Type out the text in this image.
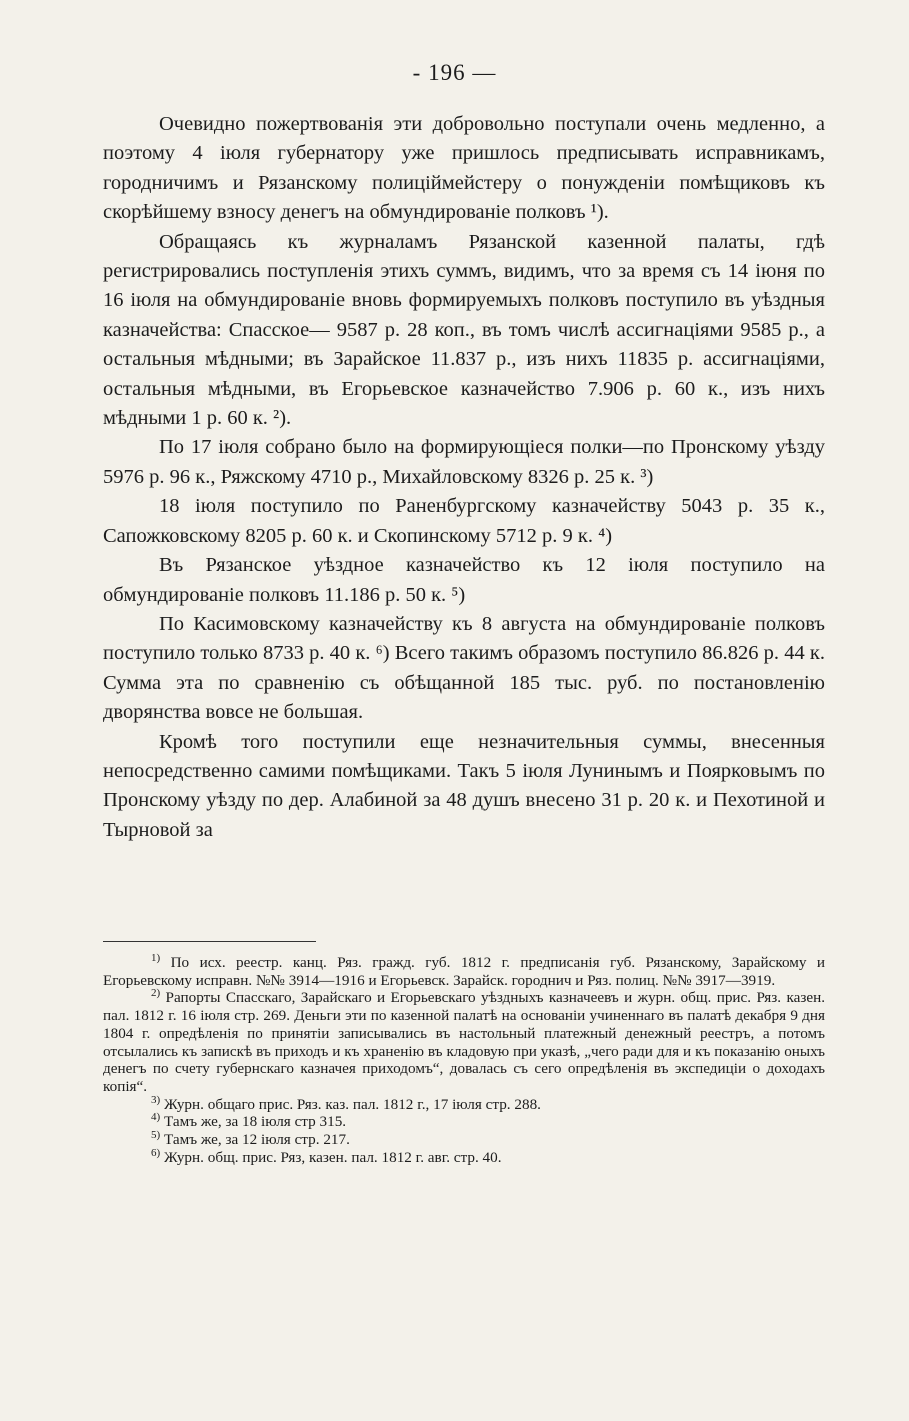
- 196 —

Очевидно пожертвованія эти добровольно поступали очень медленно, а поэтому 4 іюля губернатору уже пришлось предписывать исправникамъ, городничимъ и Рязанскому полиціймейстеру о понужденіи помѣщиковъ къ скорѣйшему взносу денегъ на обмундированіе полковъ ¹).

Обращаясь къ журналамъ Рязанской казенной палаты, гдѣ регистрировались поступленія этихъ суммъ, видимъ, что за время съ 14 іюня по 16 іюля на обмундированіе вновь формируемыхъ полковъ поступило въ уѣздныя казначейства: Спасское— 9587 р. 28 коп., въ томъ числѣ ассигнаціями 9585 р., а остальныя мѣдными; въ Зарайское 11.837 р., изъ нихъ 11835 р. ассигнаціями, остальныя мѣдными, въ Егорьевское казначейство 7.906 р. 60 к., изъ нихъ мѣдными 1 р. 60 к. ²).

По 17 іюля собрано было на формирующіеся полки—по Пронскому уѣзду 5976 р. 96 к., Ряжскому 4710 р., Михайловскому 8326 р. 25 к. ³)

18 іюля поступило по Раненбургскому казначейству 5043 р. 35 к., Сапожковскому 8205 р. 60 к. и Скопинскому 5712 р. 9 к. ⁴)

Въ Рязанское уѣздное казначейство къ 12 іюля поступило на обмундированіе полковъ 11.186 р. 50 к. ⁵)

По Касимовскому казначейству къ 8 августа на обмундированіе полковъ поступило только 8733 р. 40 к. ⁶) Всего такимъ образомъ поступило 86.826 р. 44 к. Сумма эта по сравненію съ обѣщанной 185 тыс. руб. по постановленію дворянства вовсе не большая.

Кромѣ того поступили еще незначительныя суммы, внесенныя непосредственно самими помѣщиками. Такъ 5 іюля Лунинымъ и Поярковымъ по Пронскому уѣзду по дер. Алабиной за 48 душъ внесено 31 р. 20 к. и Пехотиной и Тырновой за

$^{1)}$ По исх. реестр. канц. Ряз. гражд. губ. 1812 г. предписанія губ. Рязанскому, Зарайскому и Егорьевскому исправн. №№ 3914—1916 и Егорьевск. Зарайск. городнич и Ряз. полиц. №№ 3917—3919.

$^{2)}$ Рапорты Спасскаго, Зарайскаго и Егорьевскаго уѣздныхъ казначеевъ и журн. общ. прис. Ряз. казен. пал. 1812 г. 16 іюля стр. 269. Деньги эти по казенной палатѣ на основаніи учиненнаго въ палатѣ декабря 9 дня 1804 г. опредѣленія по принятіи записывались въ настольный платежный денежный реестръ, а потомъ отсылались къ запискѣ въ приходъ и къ храненію въ кладовую при указѣ, „чего ради для и къ показанію оныхъ денегъ по счету губернскаго казначея приходомъ“, довалась съ сего опредѣленія въ экспедиціи о доходахъ копія“.

$^{3)}$ Журн. общаго прис. Ряз. каз. пал. 1812 г., 17 іюля стр. 288.

$^{4)}$ Тамъ же, за 18 іюля стр 315.

$^{5)}$ Тамъ же, за 12 іюля стр. 217.

$^{6)}$ Журн. общ. прис. Ряз, казен. пал. 1812 г. авг. стр. 40.
